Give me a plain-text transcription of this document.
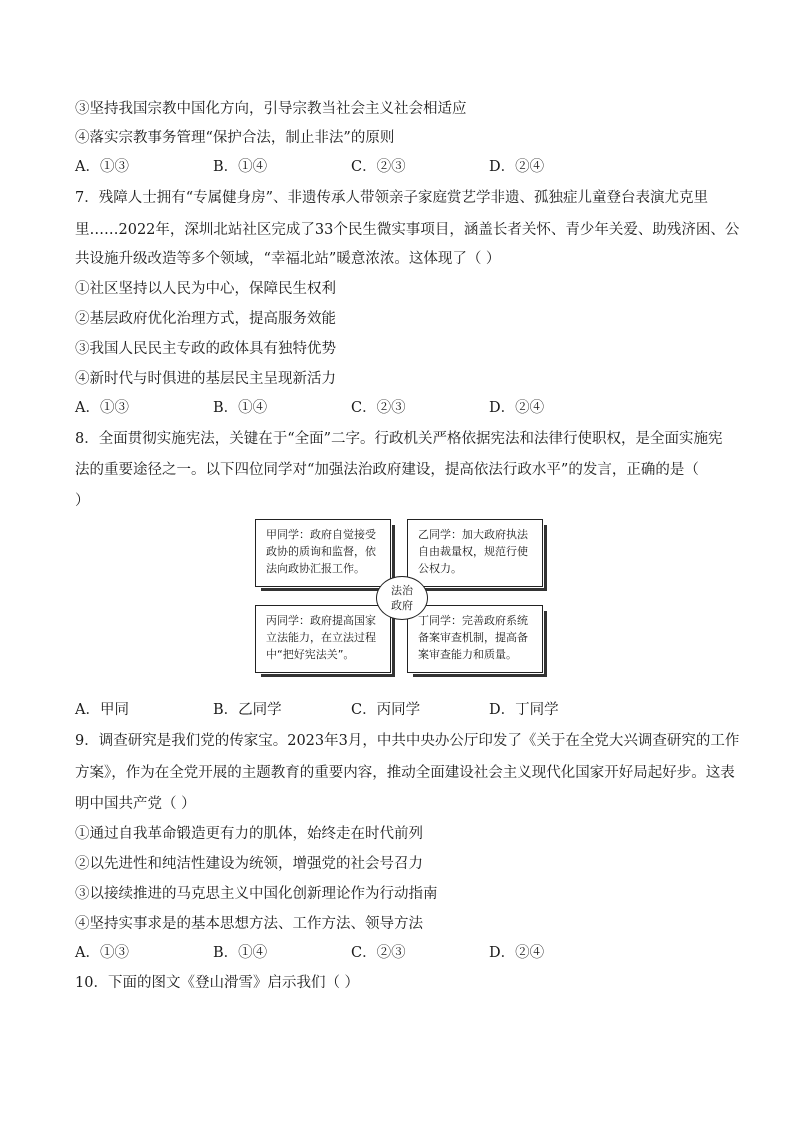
③坚持我国宗教中国化方向，引导宗教当社会主义社会相适应
④落实宗教事务管理“保护合法，制止非法”的原则
A．①③	B．①④	C．②③	D．②④
7．残障人士拥有“专属健身房”、非遗传承人带领亲子家庭赏艺学非遗、孤独症儿童登台表演尤克里
里……2022年，深圳北站社区完成了33个民生微实事项目，涵盖长者关怀、青少年关爱、助残济困、公
共设施升级改造等多个领域，“幸福北站”暖意浓浓。这体现了（ ）
①社区坚持以人民为中心，保障民生权利
②基层政府优化治理方式，提高服务效能
③我国人民民主专政的政体具有独特优势
④新时代与时俱进的基层民主呈现新活力
A．①③	B．①④	C．②③	D．②④
8．全面贯彻实施宪法，关键在于“全面”二字。行政机关严格依据宪法和法律行使职权，是全面实施宪
法的重要途径之一。以下四位同学对“加强法治政府建设，提高依法行政水平”的发言，正确的是（
）
甲同学：政府自觉接受
政协的质询和监督，依
法向政协汇报工作。
乙同学：加大政府执法
自由裁量权，规范行使
公权力。
丙同学：政府提高国家
立法能力，在立法过程
中“把好宪法关”。
丁同学：完善政府系统
备案审查机制，提高备
案审查能力和质量。
法治
政府
A．甲同	B．乙同学	C．丙同学	D．丁同学
9．调查研究是我们党的传家宝。2023年3月，中共中央办公厅印发了《关于在全党大兴调查研究的工作
方案》，作为在全党开展的主题教育的重要内容，推动全面建设社会主义现代化国家开好局起好步。这表
明中国共产党（ ）
①通过自我革命锻造更有力的肌体，始终走在时代前列
②以先进性和纯洁性建设为统领，增强党的社会号召力
③以接续推进的马克思主义中国化创新理论作为行动指南
④坚持实事求是的基本思想方法、工作方法、领导方法
A．①③	B．①④	C．②③	D．②④
10．下面的图文《登山滑雪》启示我们（ ）
